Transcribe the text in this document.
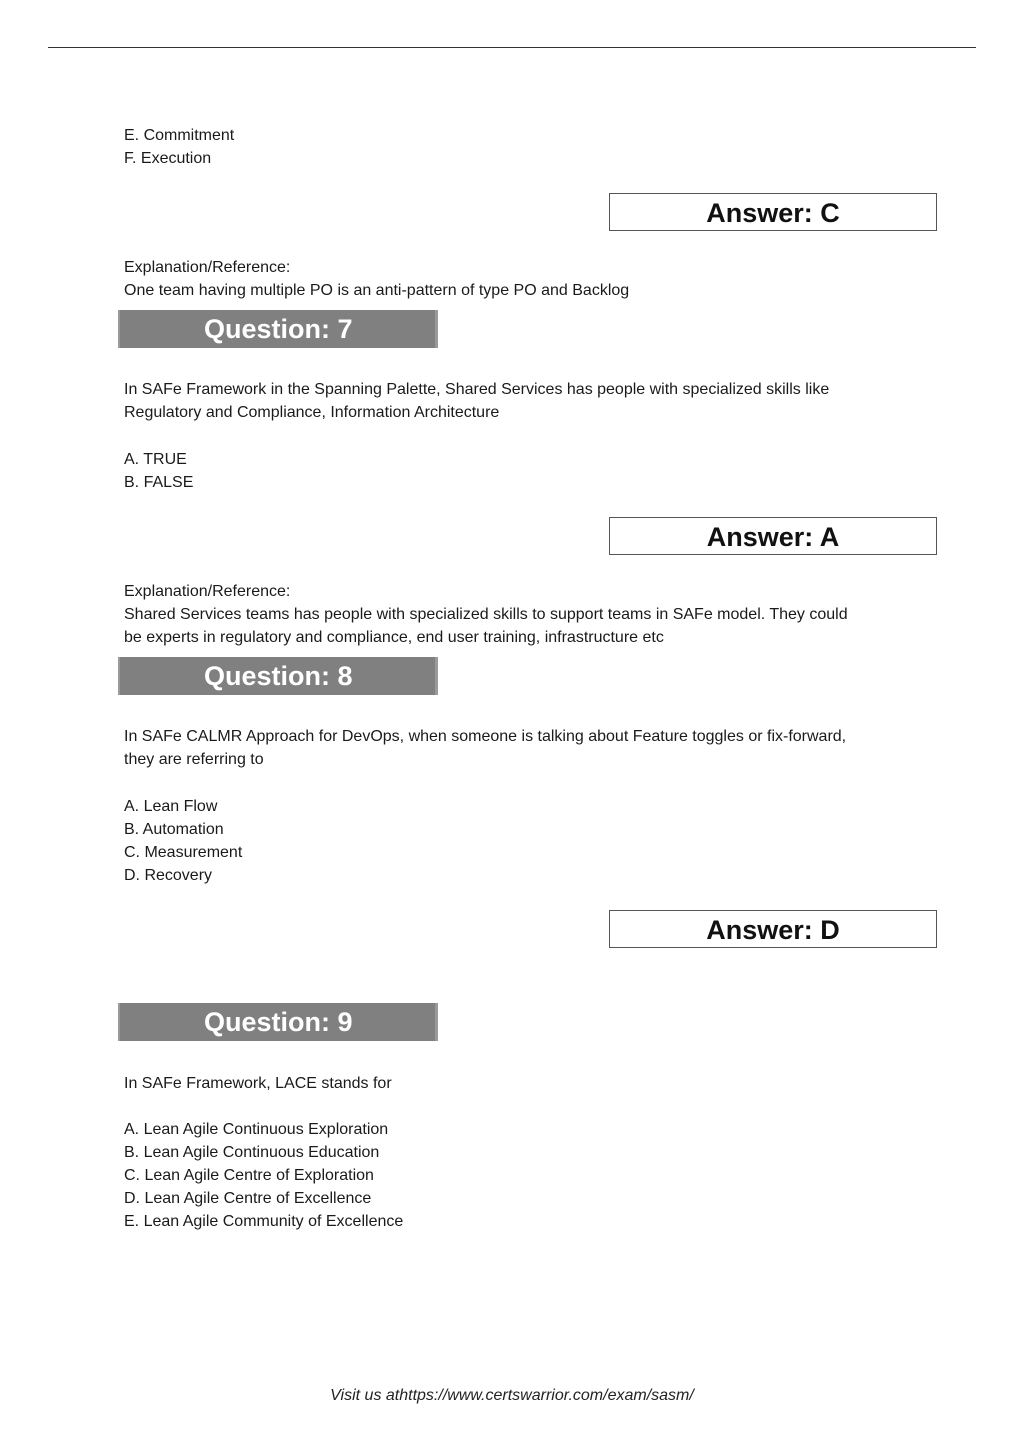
E. Commitment
F. Execution
Answer: C
Explanation/Reference:
One team having multiple PO is an anti-pattern of type PO and Backlog
Question: 7
In SAFe Framework in the Spanning Palette, Shared Services has people with specialized skills like
Regulatory and Compliance, Information Architecture
A. TRUE
B. FALSE
Answer: A
Explanation/Reference:
Shared Services teams has people with specialized skills to support teams in SAFe model. They could
be experts in regulatory and compliance, end user training, infrastructure etc
Question: 8
In SAFe CALMR Approach for DevOps, when someone is talking about Feature toggles or fix-forward,
they are referring to
A. Lean Flow
B. Automation
C. Measurement
D. Recovery
Answer: D
Question: 9
In SAFe Framework, LACE stands for
A. Lean Agile Continuous Exploration
B. Lean Agile Continuous Education
C. Lean Agile Centre of Exploration
D. Lean Agile Centre of Excellence
E. Lean Agile Community of Excellence
Visit us athttps://www.certswarrior.com/exam/sasm/
